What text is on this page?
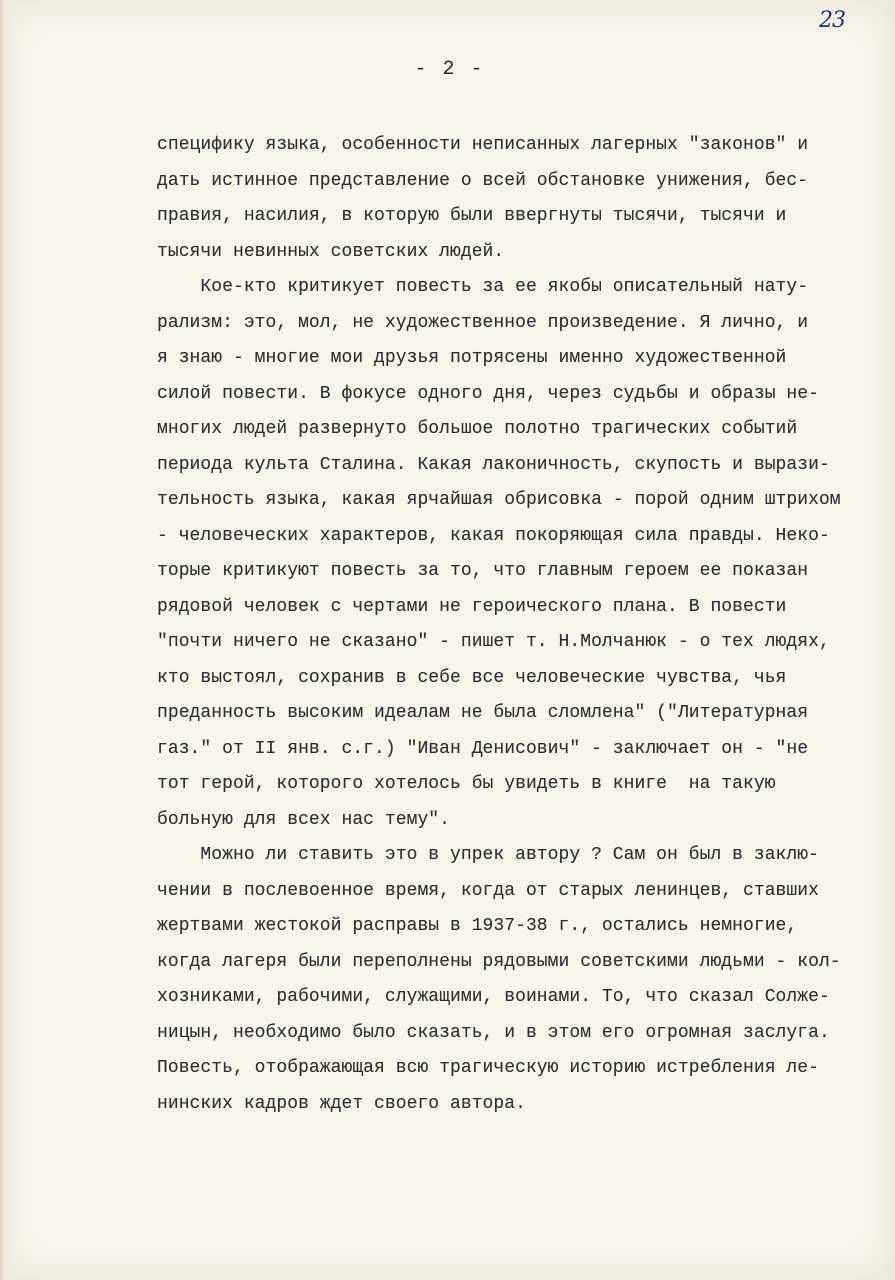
23
- 2 -
специфику языка, особенности неписанных лагерных "законов" и
дать истинное представление о всей обстановке унижения, бес-
правия, насилия, в которую были ввергнуты тысячи, тысячи и
тысячи невинных советских людей.
Кое-кто критикует повесть за ее якобы описательный нату-
рализм: это, мол, не художественное произведение. Я лично, и
я знаю - многие мои друзья потрясены именно художественной
силой повести. В фокусе одного дня, через судьбы и образы не-
многих людей развернуто большое полотно трагических событий
периода культа Сталина. Какая лаконичность, скупость и вырази-
тельность языка, какая ярчайшая обрисовка - порой одним штрихом
- человеческих характеров, какая покоряющая сила правды. Неко-
торые критикуют повесть за то, что главным героем ее показан
рядовой человек с чертами не героического плана. В повести
"почти ничего не сказано" - пишет т. Н.Молчанюк - о тех людях,
кто выстоял, сохранив в себе все человеческие чувства, чья
преданность высоким идеалам не была сломлена" ("Литературная
газ." от II янв. с.г.) "Иван Денисович" - заключает он - "не
тот герой, которого хотелось бы увидеть в книге  на такую
больную для всех нас тему".
Можно ли ставить это в упрек автору ? Сам он был в заклю-
чении в послевоенное время, когда от старых ленинцев, ставших
жертвами жестокой расправы в 1937-38 г., остались немногие,
когда лагеря были переполнены рядовыми советскими людьми - кол-
хозниками, рабочими, служащими, воинами. То, что сказал Солже-
ницын, необходимо было сказать, и в этом его огромная заслуга.
Повесть, отображающая всю трагическую историю истребления ле-
нинских кадров ждет своего автора.
